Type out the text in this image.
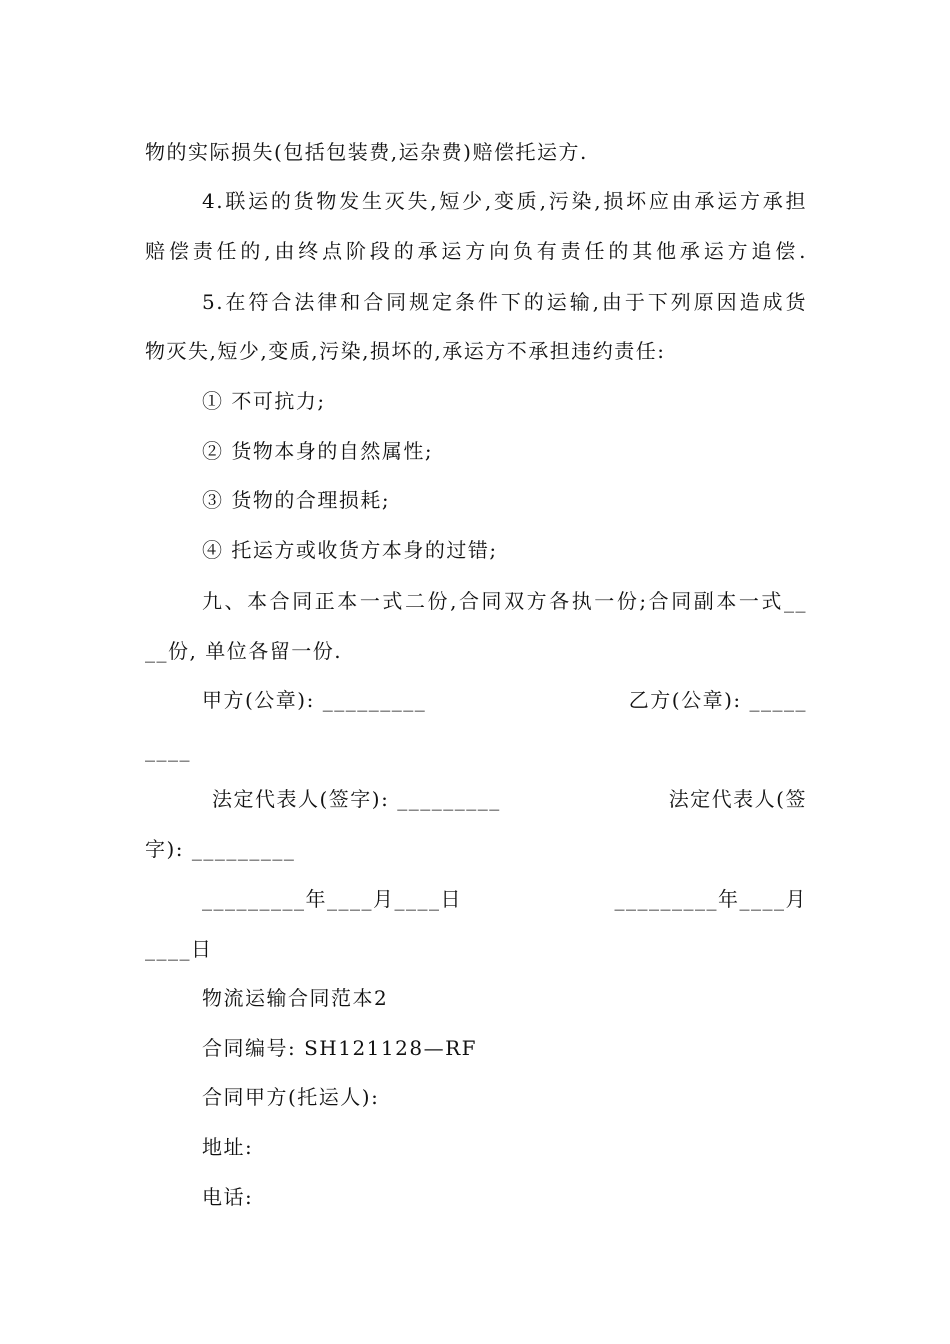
物的实际损失(包括包装费,运杂费)赔偿托运方.
4.联运的货物发生灭失,短少,变质,污染,损坏应由承运方承担
赔偿责任的,由终点阶段的承运方向负有责任的其他承运方追偿.
5.在符合法律和合同规定条件下的运输,由于下列原因造成货
物灭失,短少,变质,污染,损坏的,承运方不承担违约责任:
① 不可抗力;
② 货物本身的自然属性;
③ 货物的合理损耗;
④ 托运方或收货方本身的过错;
九、本合同正本一式二份,合同双方各执一份;合同副本一式__
__份, 单位各留一份.
甲方(公章): _________	乙方(公章): _____
____
法定代表人(签字): _________	法定代表人(签
字): _________
_________年____月____日	_________年____月
____日
物流运输合同范本2
合同编号: SH121128—RF
合同甲方(托运人):
地址:
电话:
